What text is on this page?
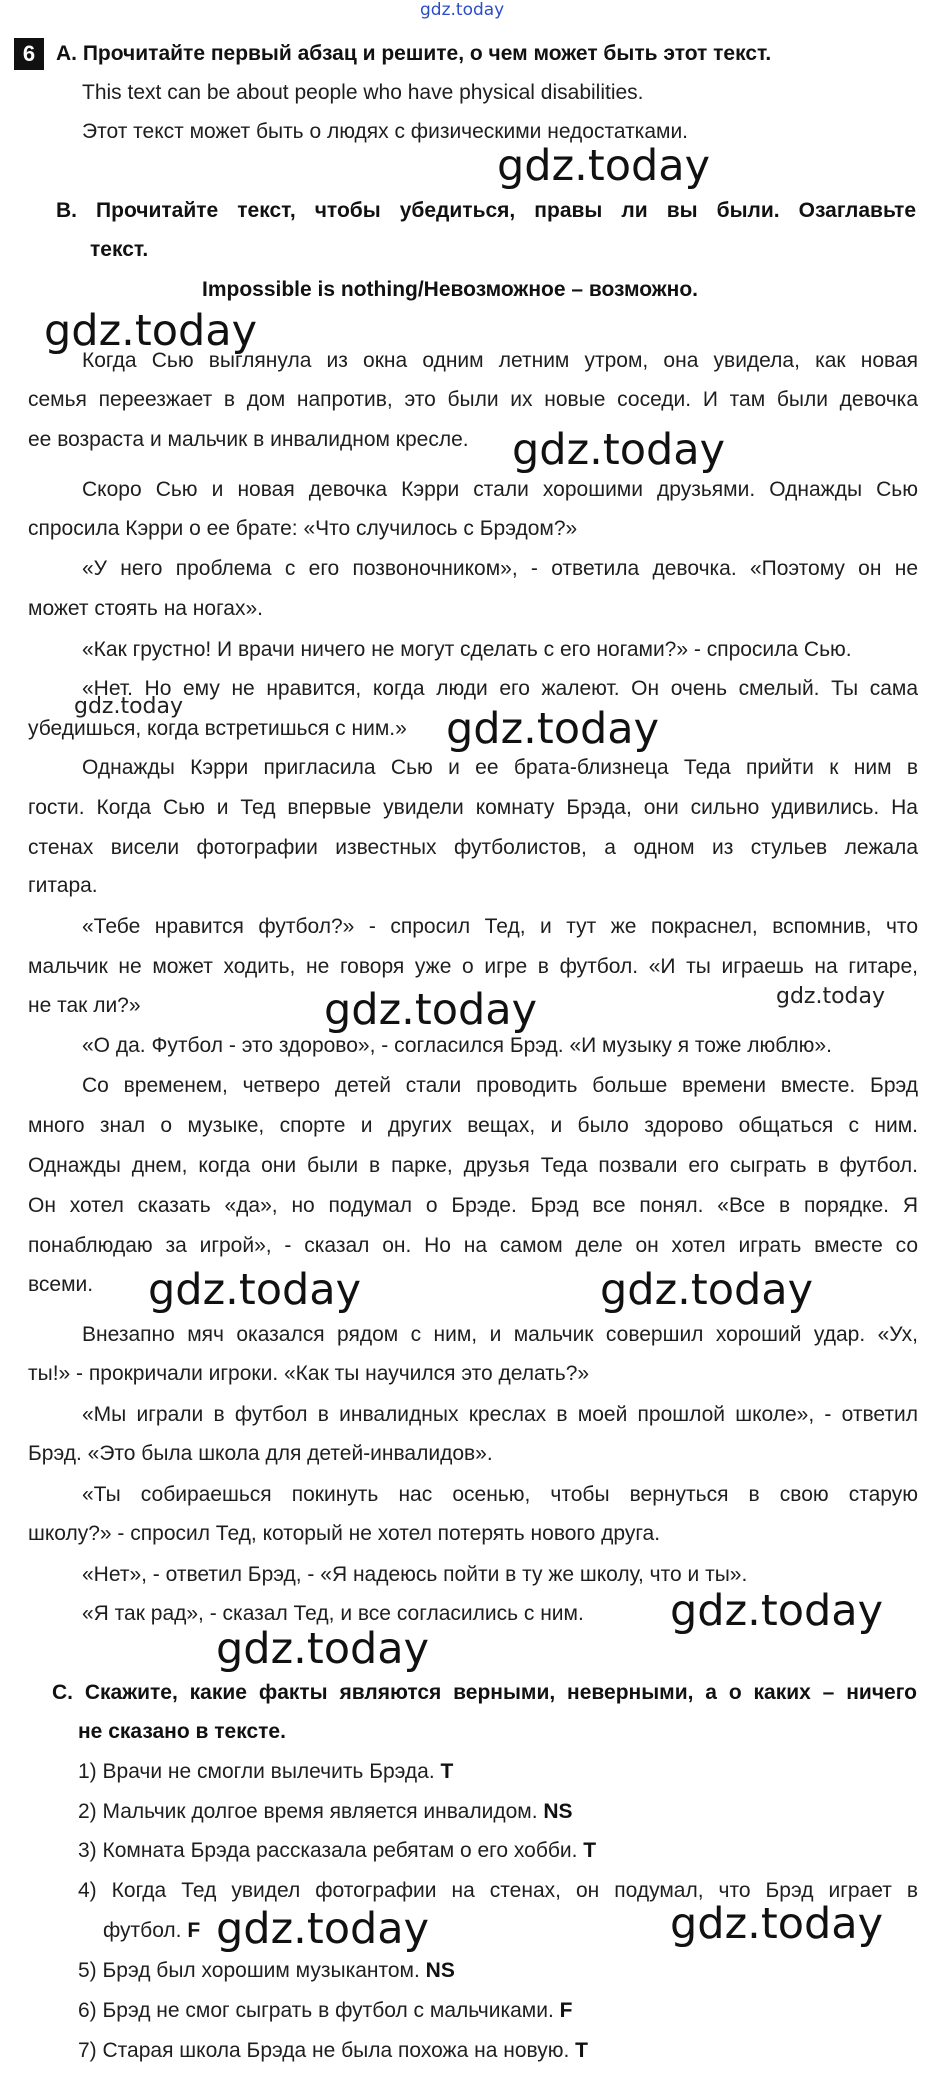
gdz.today
6 A. Прочитайте первый абзац и решите, о чем может быть этот текст.
This text can be about people who have physical disabilities.
Этот текст может быть о людях с физическими недостатками.
B. Прочитайте текст, чтобы убедиться, правы ли вы были. Озаглавьте
текст.
Impossible is nothing/Невозможное – возможно.
Когда Сью выглянула из окна одним летним утром, она увидела, как новая
семья переезжает в дом напротив, это были их новые соседи. И там были девочка
ее возраста и мальчик в инвалидном кресле.
Скоро Сью и новая девочка Кэрри стали хорошими друзьями. Однажды Сью
спросила Кэрри о ее брате: «Что случилось с Брэдом?»
«У него проблема с его позвоночником», - ответила девочка. «Поэтому он не
может стоять на ногах».
«Как грустно! И врачи ничего не могут сделать с его ногами?» - спросила Сью.
«Нет. Но ему не нравится, когда люди его жалеют. Он очень смелый. Ты сама
убедишься, когда встретишься с ним.»
Однажды Кэрри пригласила Сью и ее брата-близнеца Теда прийти к ним в
гости. Когда Сью и Тед впервые увидели комнату Брэда, они сильно удивились. На
стенах висели фотографии известных футболистов, а одном из стульев лежала
гитара.
«Тебе нравится футбол?» - спросил Тед, и тут же покраснел, вспомнив, что
мальчик не может ходить, не говоря уже о игре в футбол. «И ты играешь на гитаре,
не так ли?»
«О да. Футбол - это здорово», - согласился Брэд. «И музыку я тоже люблю».
Со временем, четверо детей стали проводить больше времени вместе. Брэд
много знал о музыке, спорте и других вещах, и было здорово общаться с ним.
Однажды днем, когда они были в парке, друзья Теда позвали его сыграть в футбол.
Он хотел сказать «да», но подумал о Брэде. Брэд все понял. «Все в порядке. Я
понаблюдаю за игрой», - сказал он. Но на самом деле он хотел играть вместе со
всеми.
Внезапно мяч оказался рядом с ним, и мальчик совершил хороший удар. «Ух,
ты!» - прокричали игроки. «Как ты научился это делать?»
«Мы играли в футбол в инвалидных креслах в моей прошлой школе», - ответил
Брэд. «Это была школа для детей-инвалидов».
«Ты собираешься покинуть нас осенью, чтобы вернуться в свою старую
школу?» - спросил Тед, который не хотел потерять нового друга.
«Нет», - ответил Брэд, - «Я надеюсь пойти в ту же школу, что и ты».
«Я так рад», - сказал Тед, и все согласились с ним.
C. Скажите, какие факты являются верными, неверными, а о каких – ничего
не сказано в тексте.
1) Врачи не смогли вылечить Брэда. T
2) Мальчик долгое время является инвалидом. NS
3) Комната Брэда рассказала ребятам о его хобби. T
4) Когда Тед увидел фотографии на стенах, он подумал, что Брэд играет в
футбол. F
5) Брэд был хорошим музыкантом. NS
6) Брэд не смог сыграть в футбол с мальчиками. F
7) Старая школа Брэда не была похожа на новую. T
gdz.today
gdz.today
gdz.today
gdz.today	gdz.today
gdz.today
gdz.today
gdz.today	gdz.today
gdz.today
gdz.today
gdz.today	gdz.today
